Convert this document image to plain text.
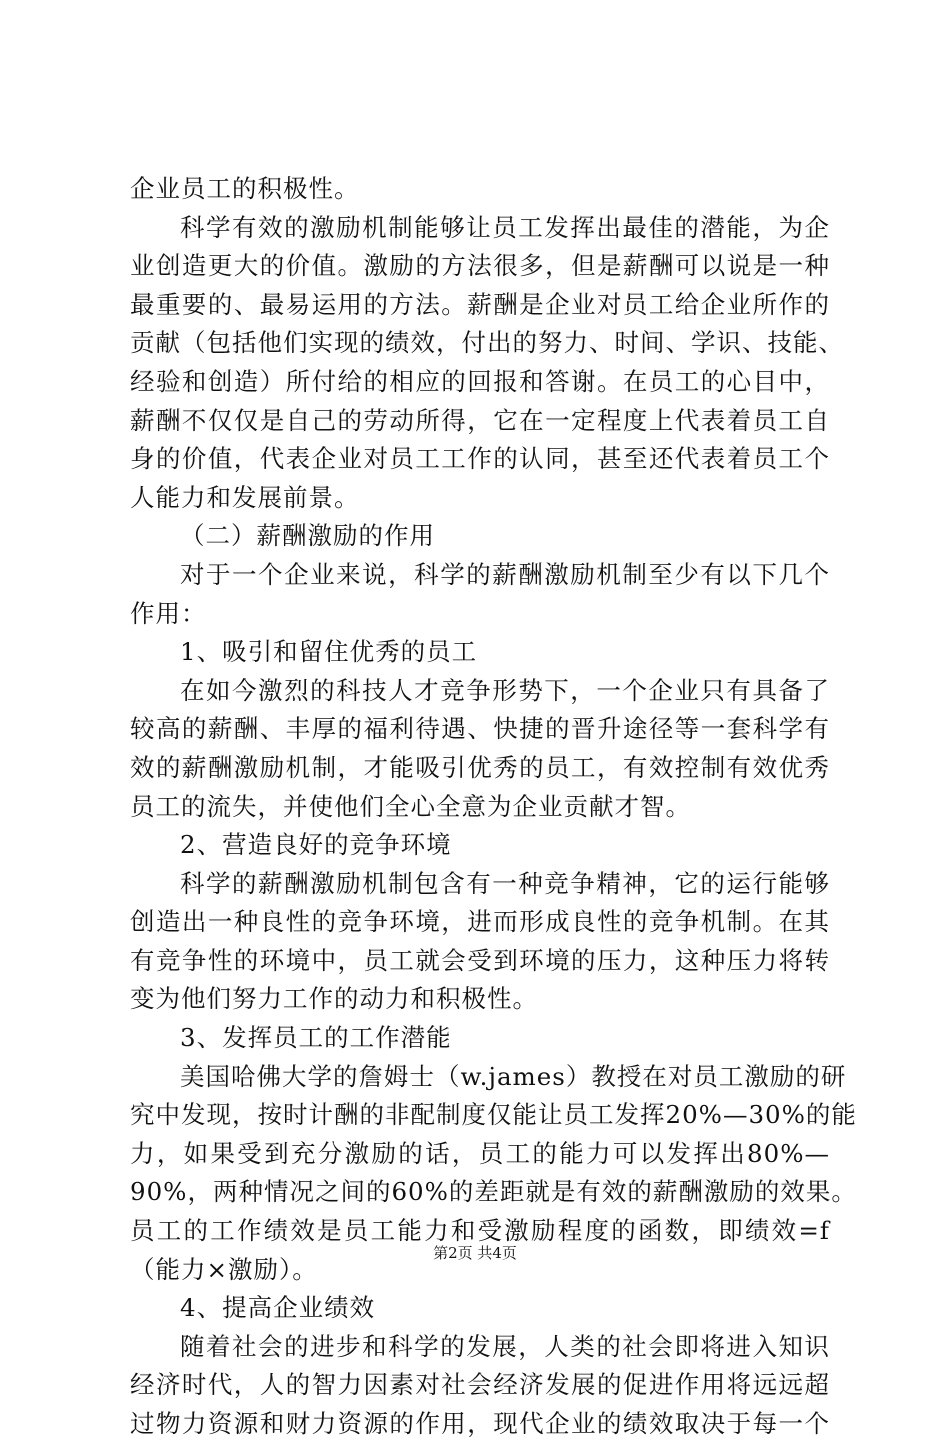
企业员工的积极性。
科学有效的激励机制能够让员工发挥出最佳的潜能，为企
业创造更大的价值。激励的方法很多，但是薪酬可以说是一种
最重要的、最易运用的方法。薪酬是企业对员工给企业所作的
贡献（包括他们实现的绩效，付出的努力、时间、学识、技能、
经验和创造）所付给的相应的回报和答谢。在员工的心目中，
薪酬不仅仅是自己的劳动所得，它在一定程度上代表着员工自
身的价值，代表企业对员工工作的认同，甚至还代表着员工个
人能力和发展前景。
（二）薪酬激励的作用
对于一个企业来说，科学的薪酬激励机制至少有以下几个
作用：
1、吸引和留住优秀的员工
在如今激烈的科技人才竞争形势下，一个企业只有具备了
较高的薪酬、丰厚的福利待遇、快捷的晋升途径等一套科学有
效的薪酬激励机制，才能吸引优秀的员工，有效控制有效优秀
员工的流失，并使他们全心全意为企业贡献才智。
2、营造良好的竞争环境
科学的薪酬激励机制包含有一种竞争精神，它的运行能够
创造出一种良性的竞争环境，进而形成良性的竞争机制。在其
有竞争性的环境中，员工就会受到环境的压力，这种压力将转
变为他们努力工作的动力和积极性。
3、发挥员工的工作潜能
美国哈佛大学的詹姆士（w.james）教授在对员工激励的研
究中发现，按时计酬的非配制度仅能让员工发挥20%—30%的能
力，如果受到充分激励的话，员工的能力可以发挥出80%—
90%，两种情况之间的60%的差距就是有效的薪酬激励的效果。
员工的工作绩效是员工能力和受激励程度的函数，即绩效=f
（能力×激励）。
4、提高企业绩效
随着社会的进步和科学的发展，人类的社会即将进入知识
经济时代，人的智力因素对社会经济发展的促进作用将远远超
过物力资源和财力资源的作用，现代企业的绩效取决于每一个
第2页 共4页
